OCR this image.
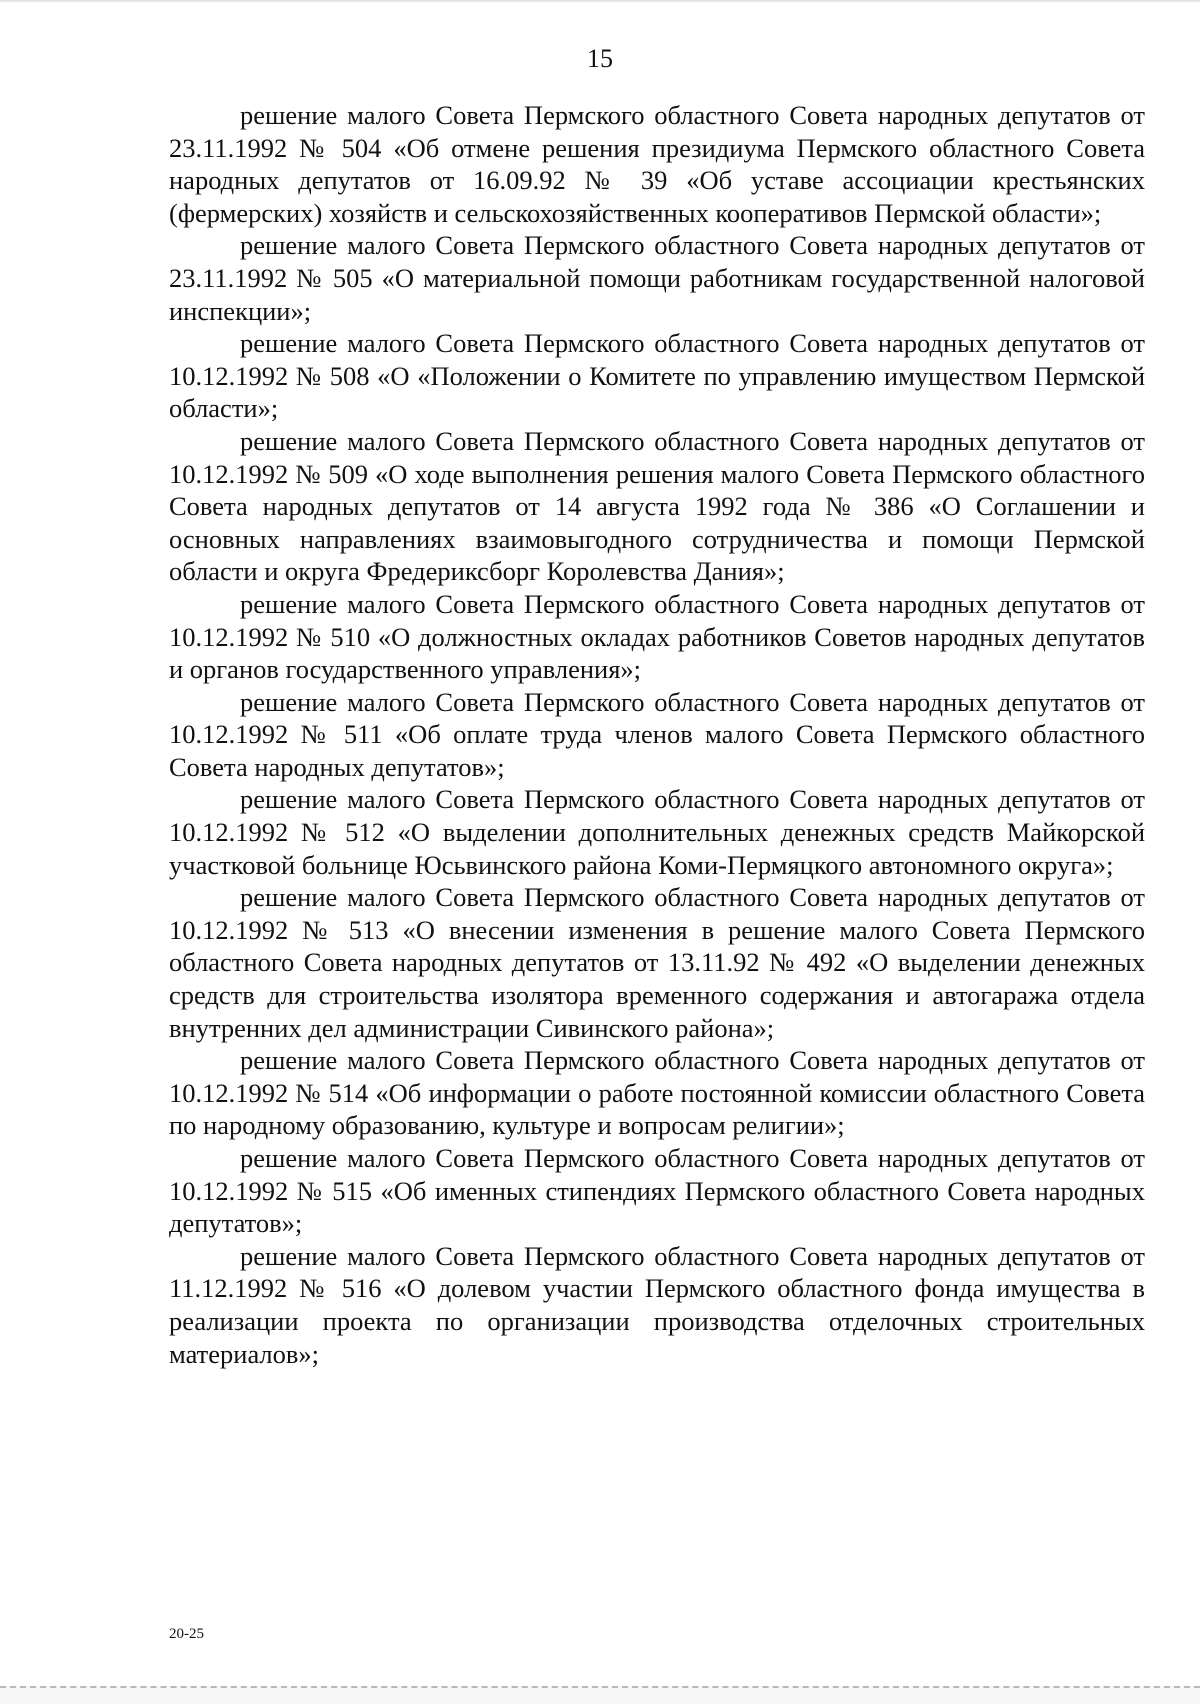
15

решение малого Совета Пермского областного Совета народных депутатов от 23.11.1992 № 504 «Об отмене решения президиума Пермского областного Совета народных депутатов от 16.09.92 № 39 «Об уставе ассоциации крестьянских (фермерских) хозяйств и сельскохозяйственных кооперативов Пермской области»;

решение малого Совета Пермского областного Совета народных депутатов от 23.11.1992 № 505 «О материальной помощи работникам государственной налоговой инспекции»;

решение малого Совета Пермского областного Совета народных депутатов от 10.12.1992 № 508 «О «Положении о Комитете по управлению имуществом Пермской области»;

решение малого Совета Пермского областного Совета народных депутатов от 10.12.1992 № 509 «О ходе выполнения решения малого Совета Пермского областного Совета народных депутатов от 14 августа 1992 года № 386 «О Соглашении и основных направлениях взаимовыгодного сотрудничества и помощи Пермской области и округа Фредериксборг Королевства Дания»;

решение малого Совета Пермского областного Совета народных депутатов от 10.12.1992 № 510 «О должностных окладах работников Советов народных депутатов и органов государственного управления»;

решение малого Совета Пермского областного Совета народных депутатов от 10.12.1992 № 511 «Об оплате труда членов малого Совета Пермского областного Совета народных депутатов»;

решение малого Совета Пермского областного Совета народных депутатов от 10.12.1992 № 512 «О выделении дополнительных денежных средств Майкорской участковой больнице Юсьвинского района Коми-Пермяцкого автономного округа»;

решение малого Совета Пермского областного Совета народных депутатов от 10.12.1992 № 513 «О внесении изменения в решение малого Совета Пермского областного Совета народных депутатов от 13.11.92 № 492 «О выделении денежных средств для строительства изолятора временного содержания и автогаража отдела внутренних дел администрации Сивинского района»;

решение малого Совета Пермского областного Совета народных депутатов от 10.12.1992 № 514 «Об информации о работе постоянной комиссии областного Совета по народному образованию, культуре и вопросам религии»;

решение малого Совета Пермского областного Совета народных депутатов от 10.12.1992 № 515 «Об именных стипендиях Пермского областного Совета народных депутатов»;

решение малого Совета Пермского областного Совета народных депутатов от 11.12.1992 № 516 «О долевом участии Пермского областного фонда имущества в реализации проекта по организации производства отделочных строительных материалов»;

20-25
